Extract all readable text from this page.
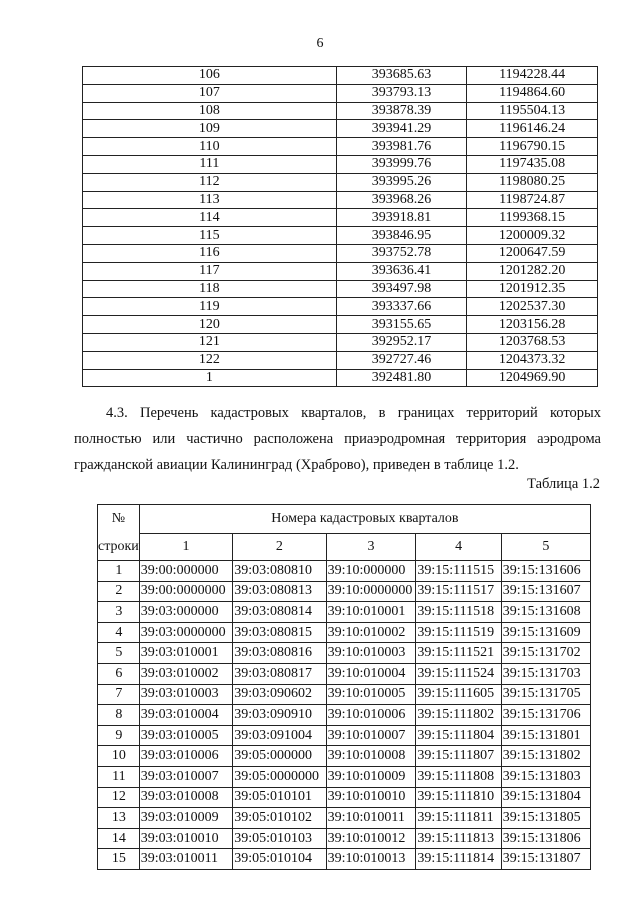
6
106	393685.63	1194228.44
107	393793.13	1194864.60
108	393878.39	1195504.13
109	393941.29	1196146.24
110	393981.76	1196790.15
111	393999.76	1197435.08
112	393995.26	1198080.25
113	393968.26	1198724.87
114	393918.81	1199368.15
115	393846.95	1200009.32
116	393752.78	1200647.59
117	393636.41	1201282.20
118	393497.98	1201912.35
119	393337.66	1202537.30
120	393155.65	1203156.28
121	392952.17	1203768.53
122	392727.46	1204373.32
1	392481.80	1204969.90
4.3. Перечень кадастровых кварталов, в границах территорий которых
полностью или частично расположена приаэродромная территория аэродрома
гражданской авиации Калининград (Храброво), приведен в таблице 1.2.
Таблица 1.2
№	Номера кадастровых кварталов				
строки	1	2	3	4	5
1	39:00:000000	39:03:080810	39:10:000000	39:15:111515	39:15:131606
2	39:00:0000000	39:03:080813	39:10:0000000	39:15:111517	39:15:131607
3	39:03:000000	39:03:080814	39:10:010001	39:15:111518	39:15:131608
4	39:03:0000000	39:03:080815	39:10:010002	39:15:111519	39:15:131609
5	39:03:010001	39:03:080816	39:10:010003	39:15:111521	39:15:131702
6	39:03:010002	39:03:080817	39:10:010004	39:15:111524	39:15:131703
7	39:03:010003	39:03:090602	39:10:010005	39:15:111605	39:15:131705
8	39:03:010004	39:03:090910	39:10:010006	39:15:111802	39:15:131706
9	39:03:010005	39:03:091004	39:10:010007	39:15:111804	39:15:131801
10	39:03:010006	39:05:000000	39:10:010008	39:15:111807	39:15:131802
11	39:03:010007	39:05:0000000	39:10:010009	39:15:111808	39:15:131803
12	39:03:010008	39:05:010101	39:10:010010	39:15:111810	39:15:131804
13	39:03:010009	39:05:010102	39:10:010011	39:15:111811	39:15:131805
14	39:03:010010	39:05:010103	39:10:010012	39:15:111813	39:15:131806
15	39:03:010011	39:05:010104	39:10:010013	39:15:111814	39:15:131807
